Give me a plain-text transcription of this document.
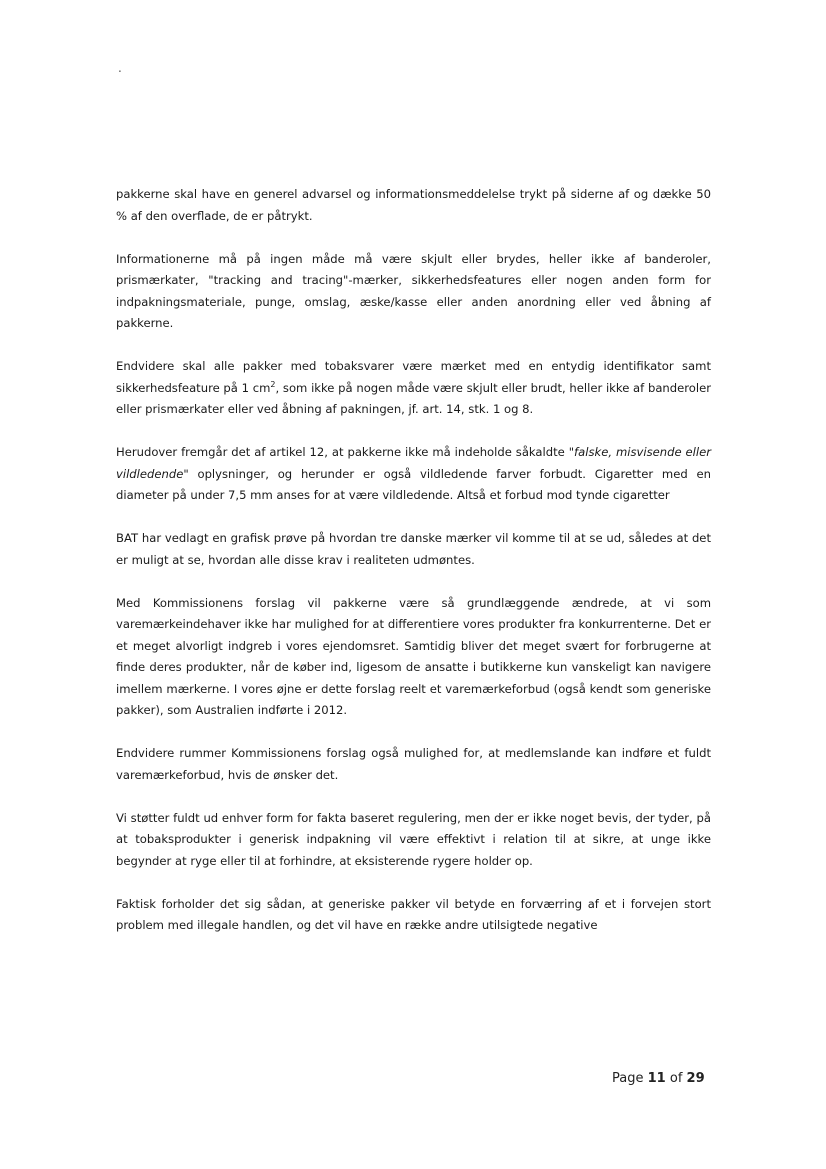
.

pakkerne skal have en generel advarsel og informationsmeddelelse trykt på siderne af og dække 50 % af den overflade, de er påtrykt.

Informationerne må på ingen måde må være skjult eller brydes, heller ikke af banderoler, prismærkater, "tracking and tracing"-mærker, sikkerhedsfeatures eller nogen anden form for indpakningsmateriale, punge, omslag, æske/kasse eller anden anordning eller ved åbning af pakkerne.

Endvidere skal alle pakker med tobaksvarer være mærket med en entydig identifikator samt sikkerhedsfeature på 1 $cm^2$, som ikke på nogen måde være skjult eller brudt, heller ikke af banderoler eller prismærkater eller ved åbning af pakningen, jf. art. 14, stk. 1 og 8.

Herudover fremgår det af artikel 12, at pakkerne ikke må indeholde såkaldte "falske, misvisende eller vildledende" oplysninger, og herunder er også vildledende farver forbudt. Cigaretter med en diameter på under 7,5 mm anses for at være vildledende. Altså et forbud mod tynde cigaretter

BAT har vedlagt en grafisk prøve på hvordan tre danske mærker vil komme til at se ud, således at det er muligt at se, hvordan alle disse krav i realiteten udmøntes.

Med Kommissionens forslag vil pakkerne være så grundlæggende ændrede, at vi som varemærkeindehaver ikke har mulighed for at differentiere vores produkter fra konkurrenterne. Det er et meget alvorligt indgreb i vores ejendomsret. Samtidig bliver det meget svært for forbrugerne at finde deres produkter, når de køber ind, ligesom de ansatte i butikkerne kun vanskeligt kan navigere imellem mærkerne. I vores øjne er dette forslag reelt et varemærkeforbud (også kendt som generiske pakker), som Australien indførte i 2012.

Endvidere rummer Kommissionens forslag også mulighed for, at medlemslande kan indføre et fuldt varemærkeforbud, hvis de ønsker det.

Vi støtter fuldt ud enhver form for fakta baseret regulering, men der er ikke noget bevis, der tyder, på at tobaksprodukter i generisk indpakning vil være effektivt i relation til at sikre, at unge ikke begynder at ryge eller til at forhindre, at eksisterende rygere holder op.

Faktisk forholder det sig sådan, at generiske pakker vil betyde en forværring af et i forvejen stort problem med illegale handlen, og det vil have en række andre utilsigtede negative

Page 11 of 29
